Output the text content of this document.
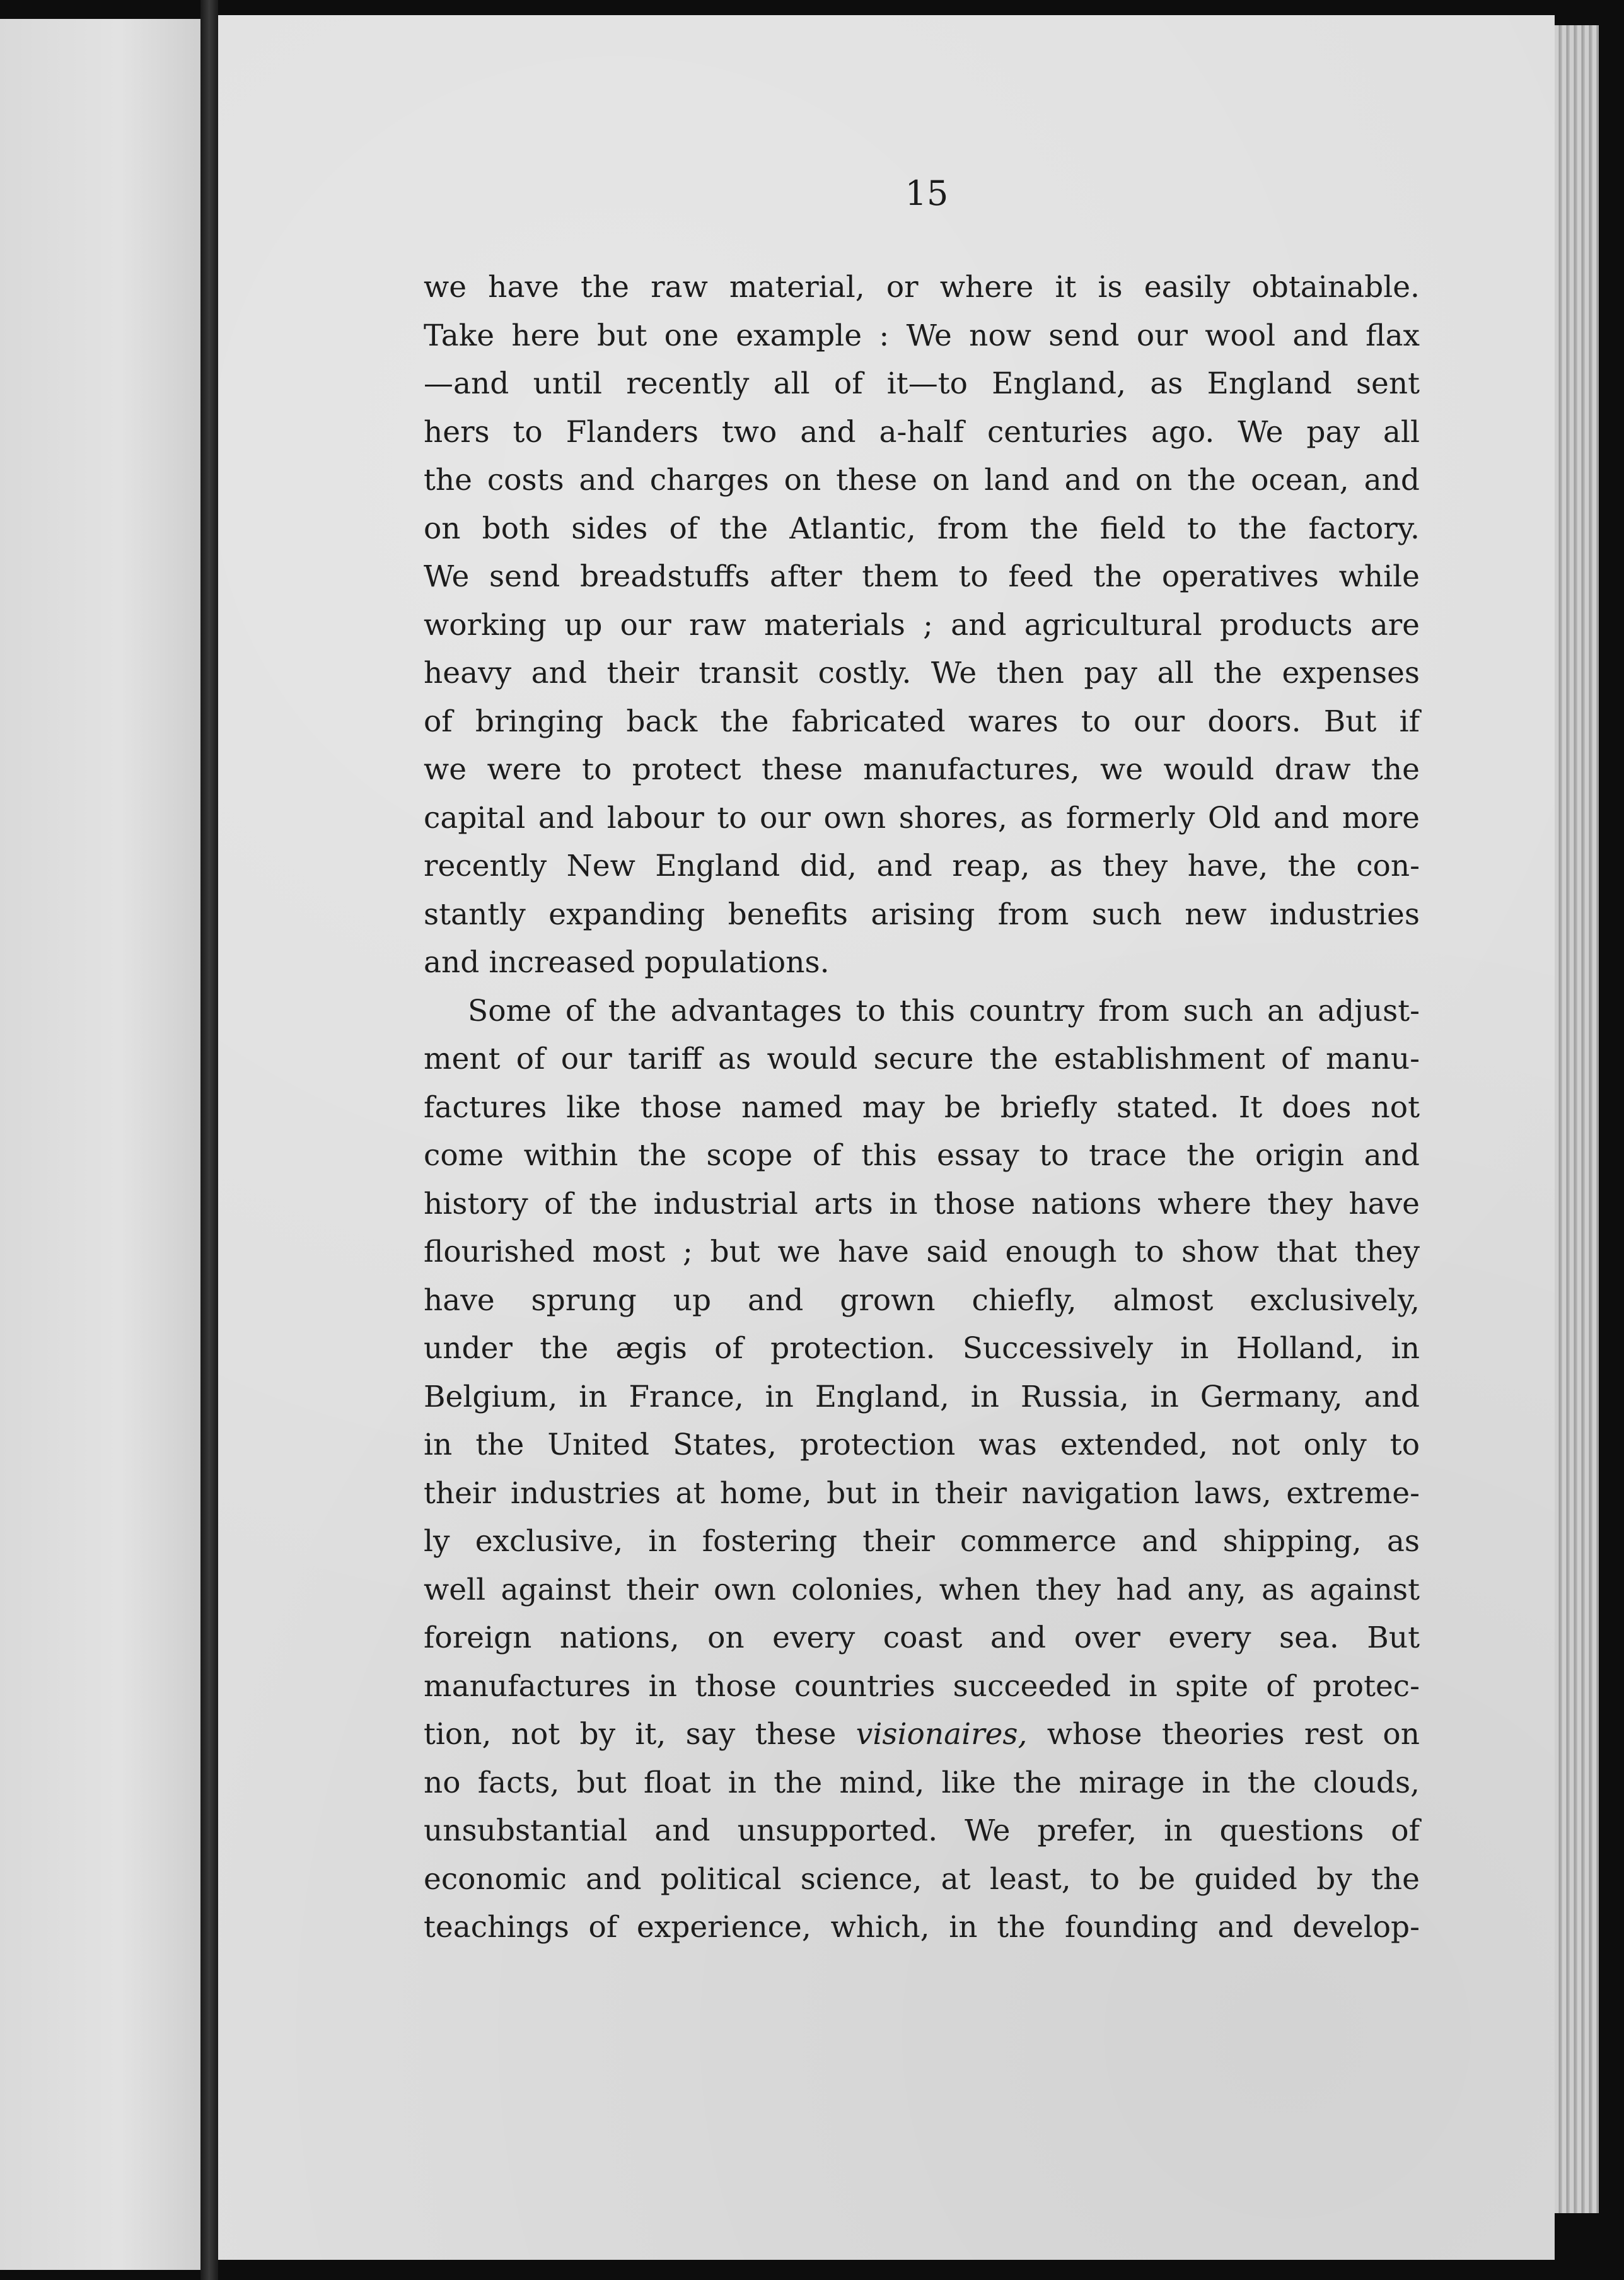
15
we have the raw material, or where it is easily obtainable.
Take here but one example : We now send our wool and flax
—and until recently all of it—to England, as England sent
hers to Flanders two and a-half centuries ago. We pay all
the costs and charges on these on land and on the ocean, and
on both sides of the Atlantic, from the field to the factory.
We send breadstuffs after them to feed the operatives while
working up our raw materials ; and agricultural products are
heavy and their transit costly. We then pay all the expenses
of bringing back the fabricated wares to our doors. But if
we were to protect these manufactures, we would draw the
capital and labour to our own shores, as formerly Old and more
recently New England did, and reap, as they have, the con-
stantly expanding benefits arising from such new industries
and increased populations.
Some of the advantages to this country from such an adjust-
ment of our tariff as would secure the establishment of manu-
factures like those named may be briefly stated. It does not
come within the scope of this essay to trace the origin and
history of the industrial arts in those nations where they have
flourished most ; but we have said enough to show that they
have sprung up and grown chiefly, almost exclusively,
under the ægis of protection. Successively in Holland, in
Belgium, in France, in England, in Russia, in Germany, and
in the United States, protection was extended, not only to
their industries at home, but in their navigation laws, extreme-
ly exclusive, in fostering their commerce and shipping, as
well against their own colonies, when they had any, as against
foreign nations, on every coast and over every sea. But
manufactures in those countries succeeded in spite of protec-
tion, not by it, say these visionaires, whose theories rest on
no facts, but float in the mind, like the mirage in the clouds,
unsubstantial and unsupported. We prefer, in questions of
economic and political science, at least, to be guided by the
teachings of experience, which, in the founding and develop-
